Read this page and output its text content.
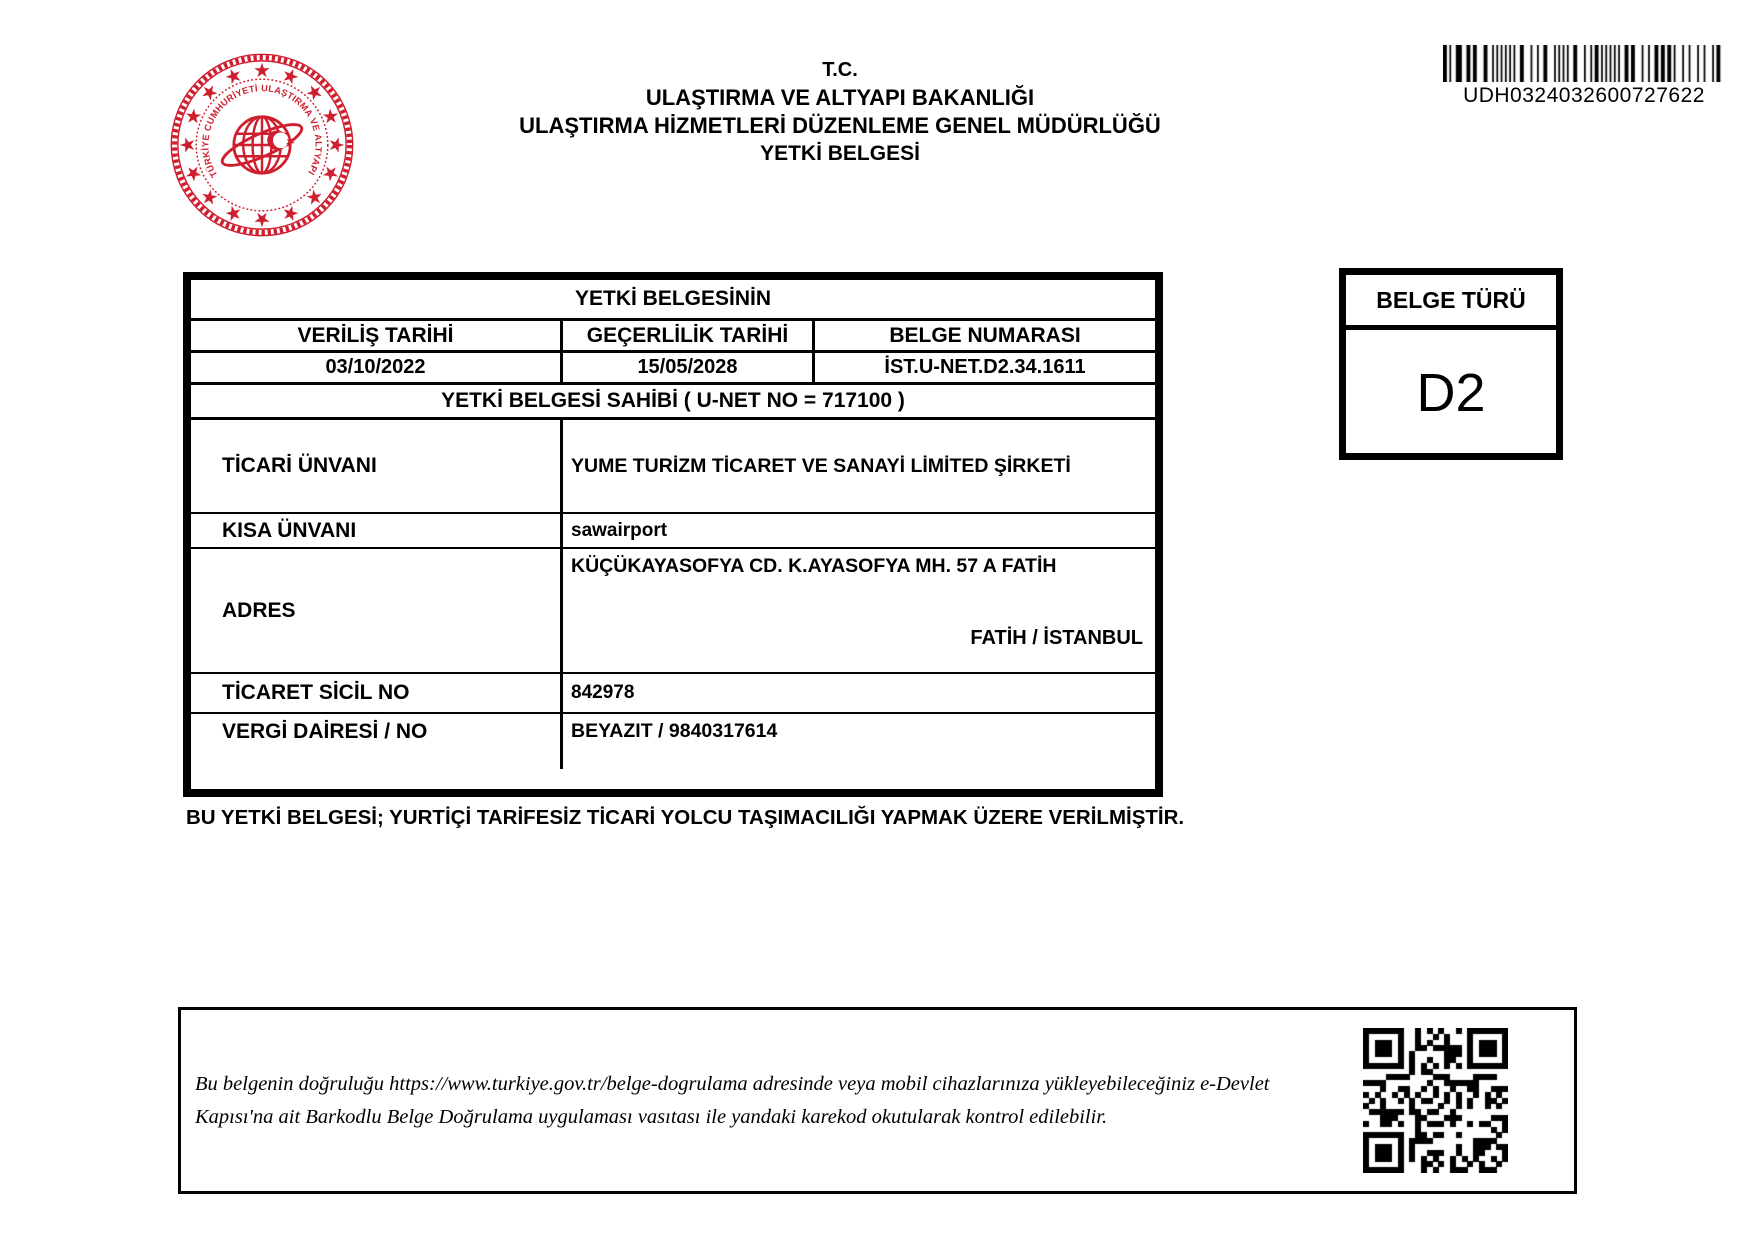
TÜRKİYE CUMHURİYETİ ULAŞTIRMA VE ALTYAPI BAKANLIĞI •
T.C.
ULAŞTIRMA VE ALTYAPI BAKANLIĞI
ULAŞTIRMA HİZMETLERİ DÜZENLEME GENEL MÜDÜRLÜĞÜ
YETKİ BELGESİ
UDH0324032600727622
YETKİ BELGESİNİN
VERİLİŞ TARİHİ	GEÇERLİLİK TARİHİ	BELGE NUMARASI
03/10/2022	15/05/2028	İST.U-NET.D2.34.1611
YETKİ BELGESİ SAHİBİ ( U-NET NO = 717100 )
TİCARİ ÜNVANI	YUME TURİZM TİCARET VE SANAYİ LİMİTED ŞİRKETİ
KISA ÜNVANI	sawairport
ADRES
KÜÇÜKAYASOFYA CD. K.AYASOFYA MH. 57 A FATİH
FATİH / İSTANBUL
TİCARET SİCİL NO	842978
VERGİ DAİRESİ / NO	BEYAZIT / 9840317614
BELGE TÜRÜ
D2
BU YETKİ BELGESİ; YURTİÇİ TARİFESİZ TİCARİ YOLCU TAŞIMACILIĞI YAPMAK ÜZERE VERİLMİŞTİR.
Bu belgenin doğruluğu https://www.turkiye.gov.tr/belge-dogrulama adresinde veya mobil cihazlarınıza yükleyebileceğiniz e-Devlet
Kapısı'na ait Barkodlu Belge Doğrulama uygulaması vasıtası ile yandaki karekod okutularak kontrol edilebilir.
